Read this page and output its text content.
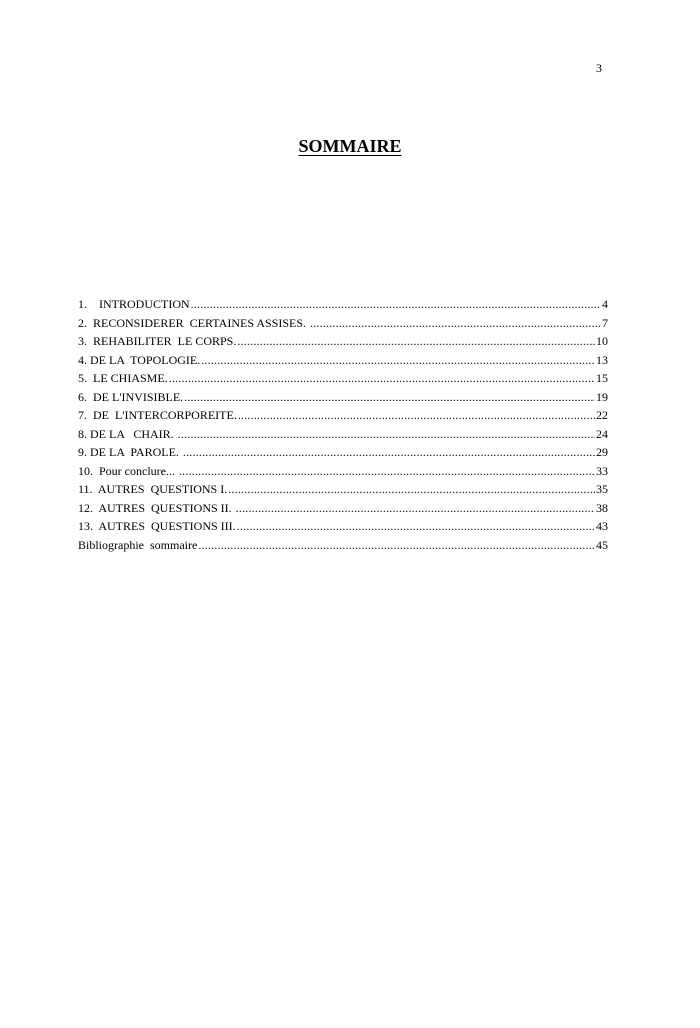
3
SOMMAIRE
1.    INTRODUCTION .....	4
2.  RECONSIDERER  CERTAINES ASSISES. .....	7
3.  REHABILITER  LE CORPS. .....	10
4. DE LA  TOPOLOGIE. .....	13
5.  LE CHIASME. .....	15
6.  DE L'INVISIBLE. .....	19
7.  DE  L'INTERCORPOREITE. .....	22
8. DE LA   CHAIR. .....	24
9. DE LA  PAROLE. .....	29
10.  Pour conclure... .....	33
11.  AUTRES  QUESTIONS I. .....	35
12.  AUTRES  QUESTIONS II. .....	38
13.  AUTRES  QUESTIONS III. .....	43
Bibliographie  sommaire .....	45
